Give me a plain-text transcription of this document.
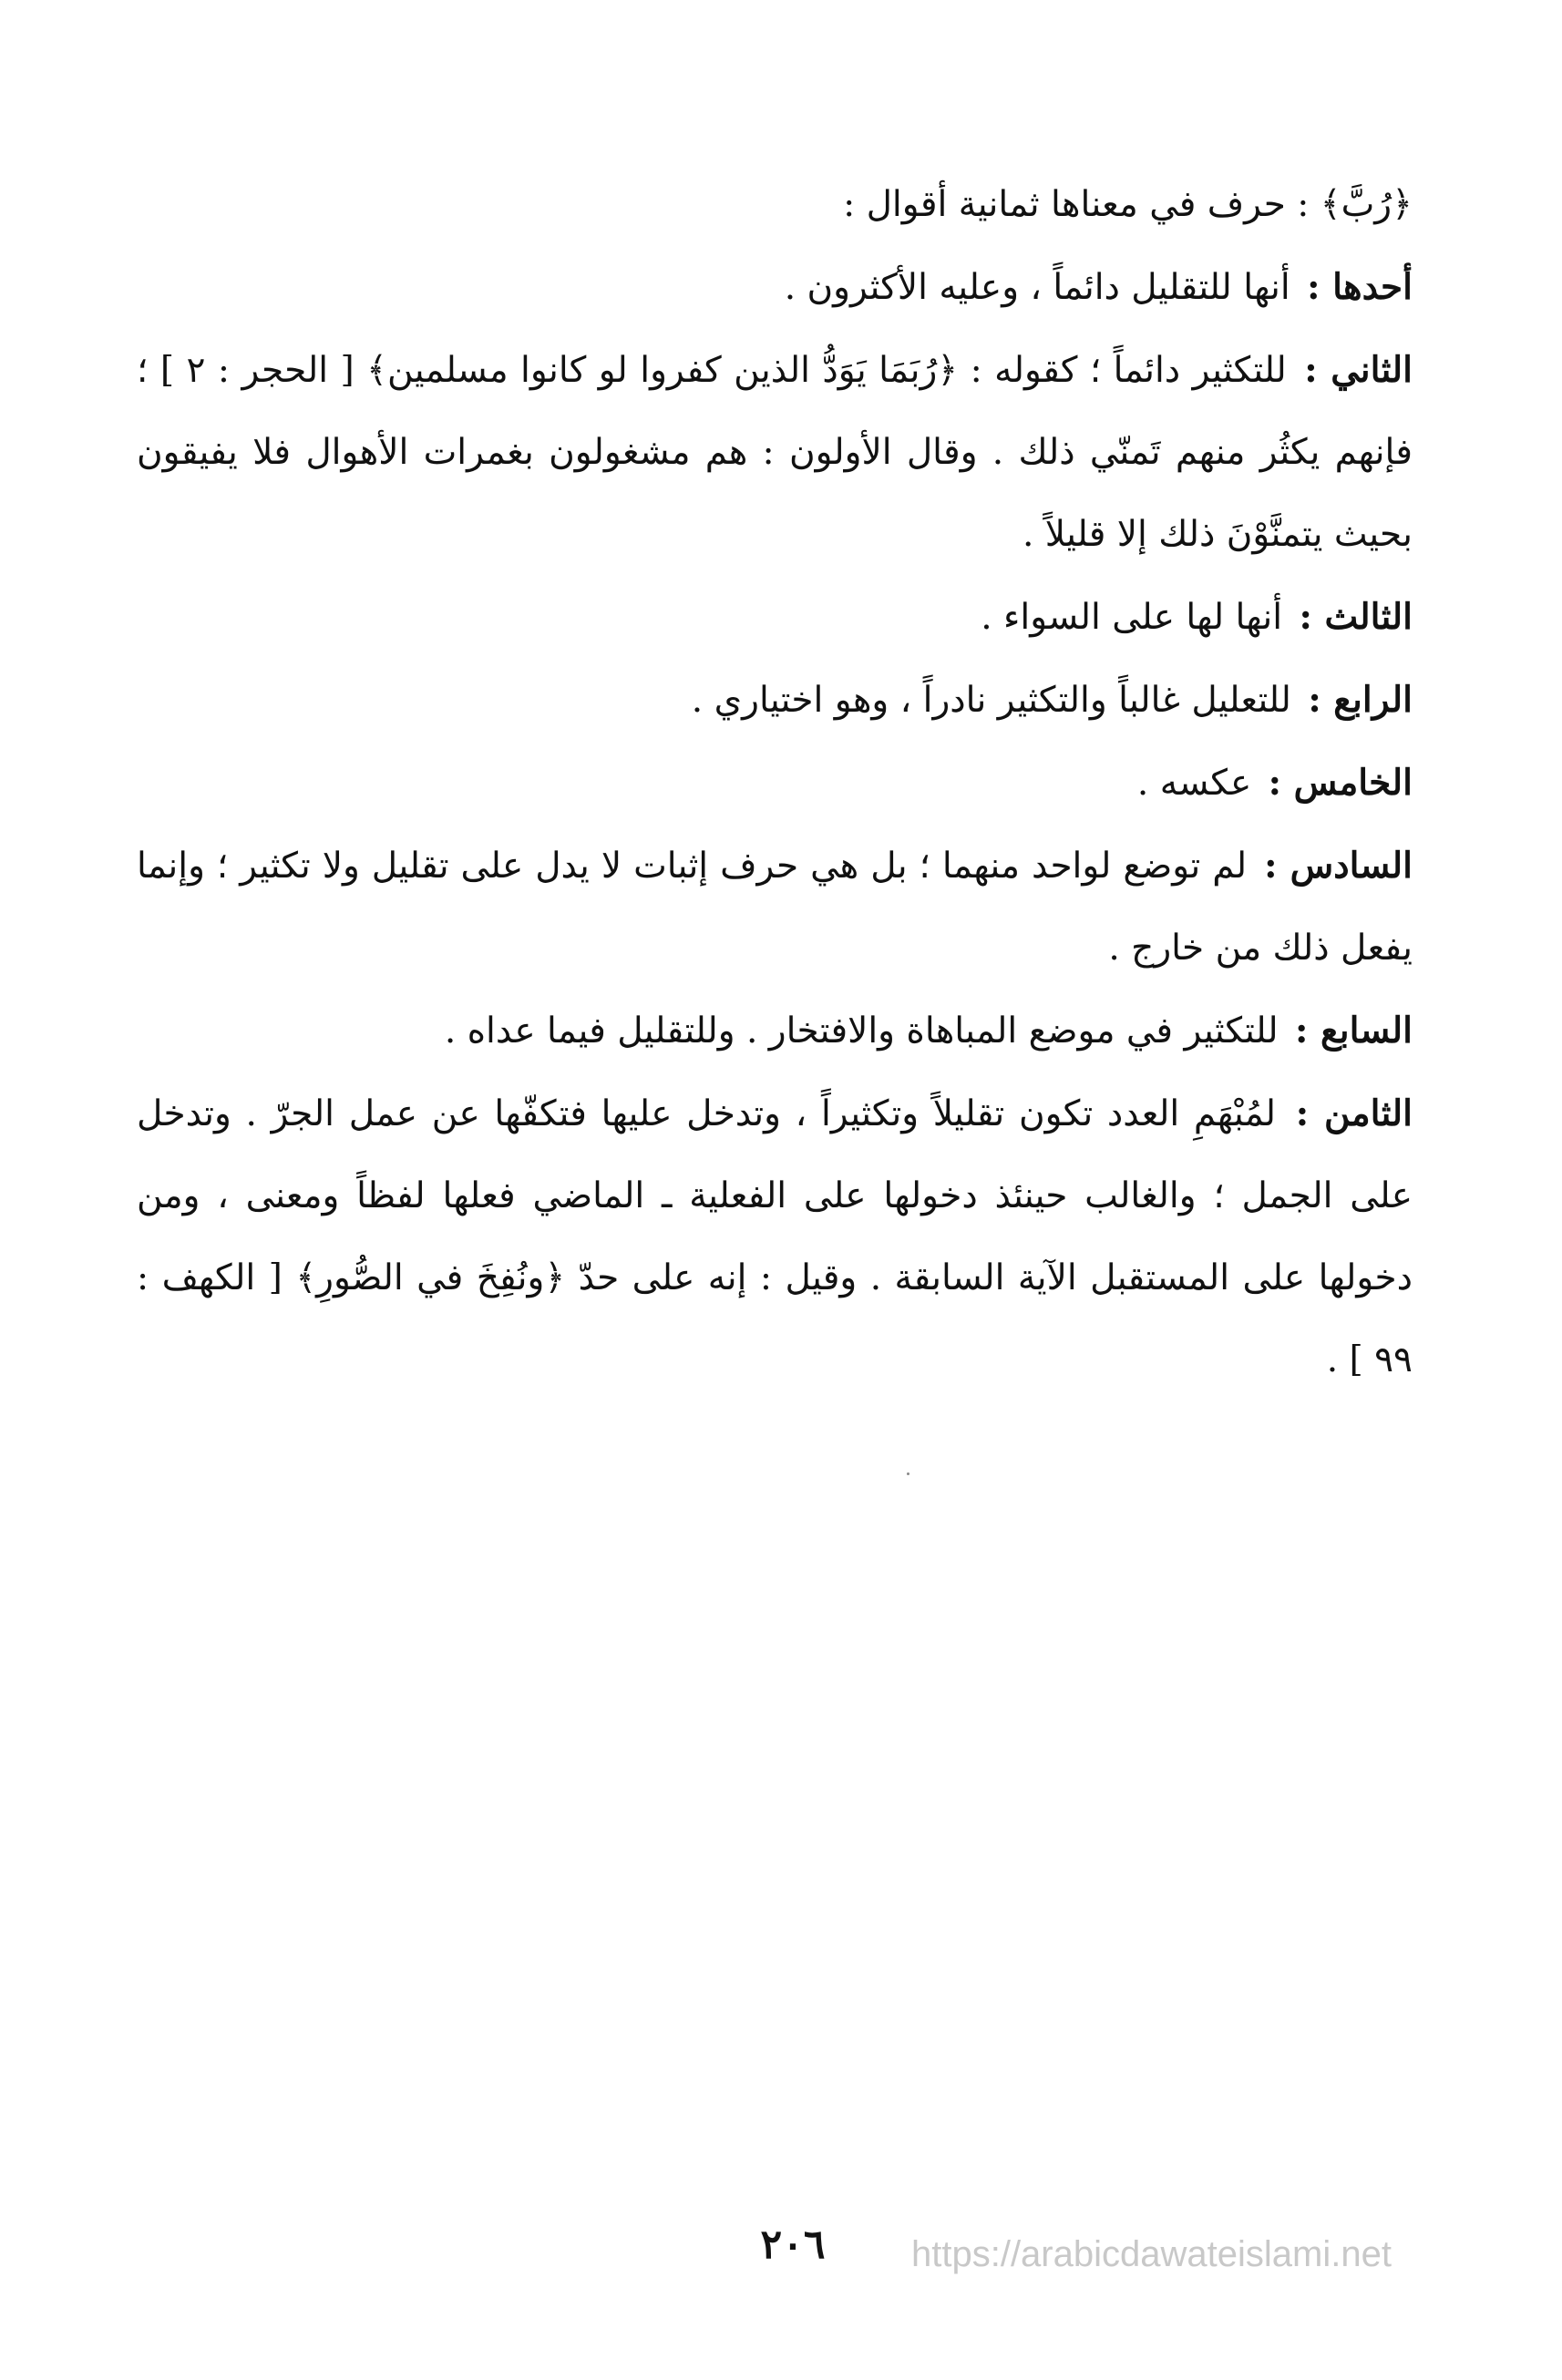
﴿رُبَّ﴾ : حرف في معناها ثمانية أقوال :

أحدها : أنها للتقليل دائماً ، وعليه الأكثرون .

الثاني : للتكثير دائماً ؛ كقوله : ﴿رُبَمَا يَوَدُّ الذين كفروا لو كانوا مسلمين﴾ [ الحجر : ٢ ] ؛ فإنهم يكثُر منهم تَمنّي ذلك . وقال الأولون : هم مشغولون بغمرات الأهوال فلا يفيقون بحيث يتمنَّوْنَ ذلك إلا قليلاً .

الثالث : أنها لها على السواء .

الرابع : للتعليل غالباً والتكثير نادراً ، وهو اختياري .

الخامس : عكسه .

السادس : لم توضع لواحد منهما ؛ بل هي حرف إثبات لا يدل على تقليل ولا تكثير ؛ وإنما يفعل ذلك من خارج .

السابع : للتكثير في موضع المباهاة والافتخار . وللتقليل فيما عداه .

الثامن : لمُبْهَمِ العدد تكون تقليلاً وتكثيراً ، وتدخل عليها فتكفّها عن عمل الجرّ . وتدخل على الجمل ؛ والغالب حينئذ دخولها على الفعلية ـ الماضي فعلها لفظاً ومعنى ، ومن دخولها على المستقبل الآية السابقة . وقيل : إنه على حدّ ﴿ونُفِخَ في الصُّورِ﴾ [ الكهف : ٩٩ ] .

٢٠٦	https://arabicdawateislami.net
